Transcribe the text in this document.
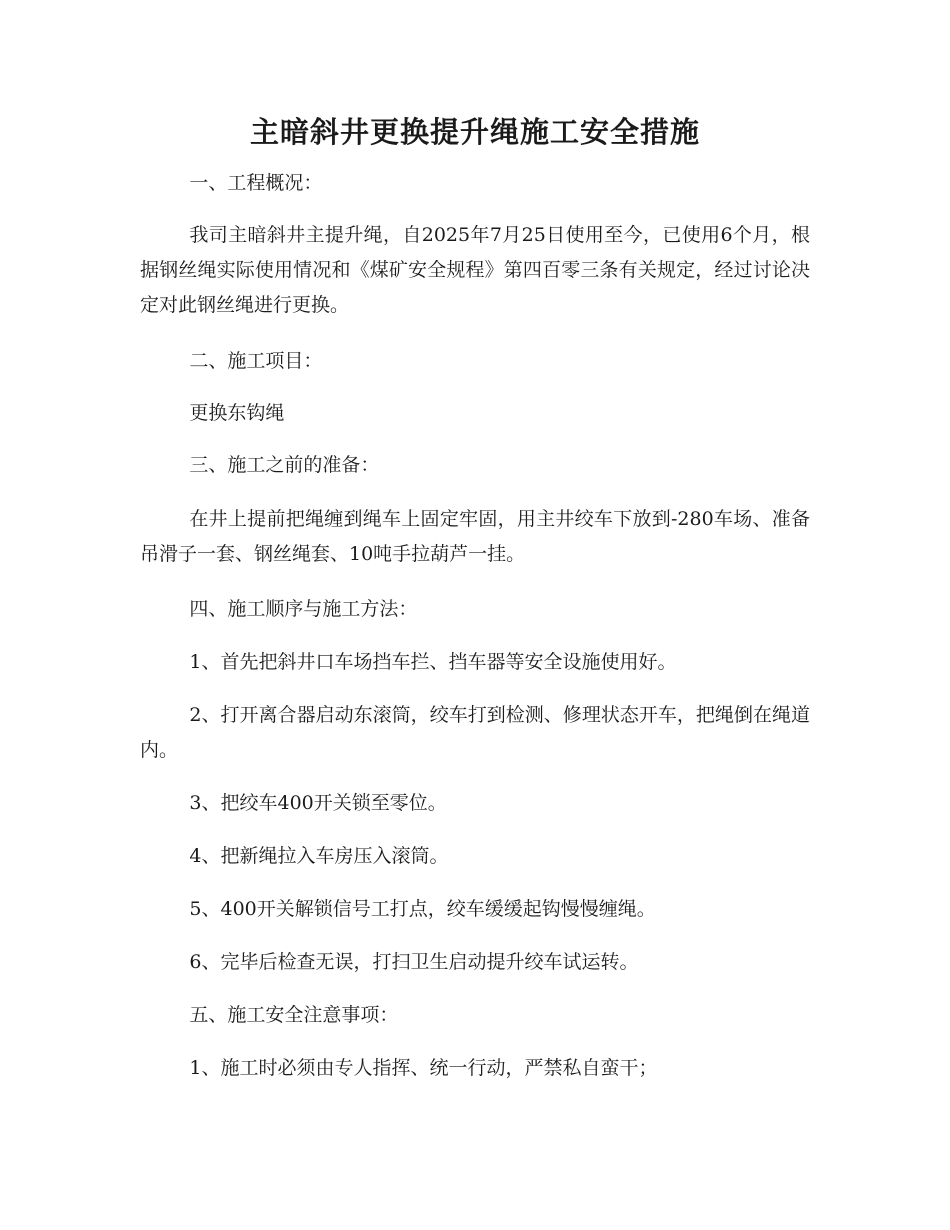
主暗斜井更换提升绳施工安全措施

一、工程概况：

我司主暗斜井主提升绳，自2025年7月25日使用至今，已使用6个月，根据钢丝绳实际使用情况和《煤矿安全规程》第四百零三条有关规定，经过讨论决定对此钢丝绳进行更换。

二、施工项目：

更换东钩绳

三、施工之前的准备：

在井上提前把绳缠到绳车上固定牢固，用主井绞车下放到-280车场、准备吊滑子一套、钢丝绳套、10吨手拉葫芦一挂。

四、施工顺序与施工方法：

1、首先把斜井口车场挡车拦、挡车器等安全设施使用好。

2、打开离合器启动东滚筒，绞车打到检测、修理状态开车，把绳倒在绳道内。

3、把绞车400开关锁至零位。

4、把新绳拉入车房压入滚筒。

5、400开关解锁信号工打点，绞车缓缓起钩慢慢缠绳。

6、完毕后检查无误，打扫卫生启动提升绞车试运转。

五、施工安全注意事项：

1、施工时必须由专人指挥、统一行动，严禁私自蛮干；
